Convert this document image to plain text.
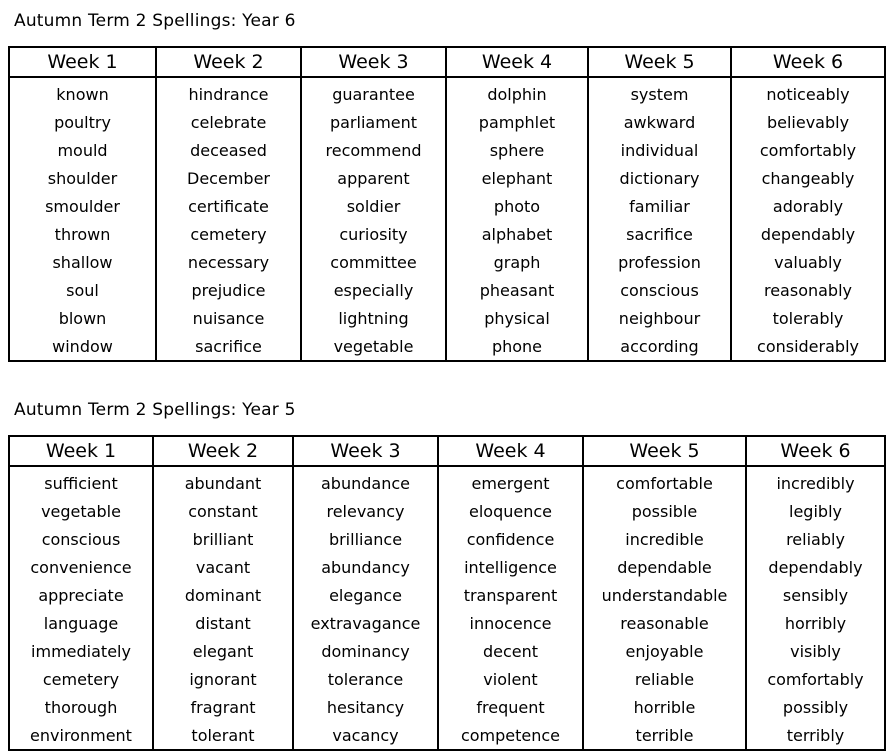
Autumn Term 2 Spellings: Year 6
Week 1	Week 2	Week 3	Week 4	Week 5	Week 6
known	hindrance	guarantee	dolphin	system	noticeably
poultry	celebrate	parliament	pamphlet	awkward	believably
mould	deceased	recommend	sphere	individual	comfortably
shoulder	December	apparent	elephant	dictionary	changeably
smoulder	certificate	soldier	photo	familiar	adorably
thrown	cemetery	curiosity	alphabet	sacrifice	dependably
shallow	necessary	committee	graph	profession	valuably
soul	prejudice	especially	pheasant	conscious	reasonably
blown	nuisance	lightning	physical	neighbour	tolerably
window	sacrifice	vegetable	phone	according	considerably
Autumn Term 2 Spellings: Year 5
Week 1	Week 2	Week 3	Week 4	Week 5	Week 6
sufficient	abundant	abundance	emergent	comfortable	incredibly
vegetable	constant	relevancy	eloquence	possible	legibly
conscious	brilliant	brilliance	confidence	incredible	reliably
convenience	vacant	abundancy	intelligence	dependable	dependably
appreciate	dominant	elegance	transparent	understandable	sensibly
language	distant	extravagance	innocence	reasonable	horribly
immediately	elegant	dominancy	decent	enjoyable	visibly
cemetery	ignorant	tolerance	violent	reliable	comfortably
thorough	fragrant	hesitancy	frequent	horrible	possibly
environment	tolerant	vacancy	competence	terrible	terribly
